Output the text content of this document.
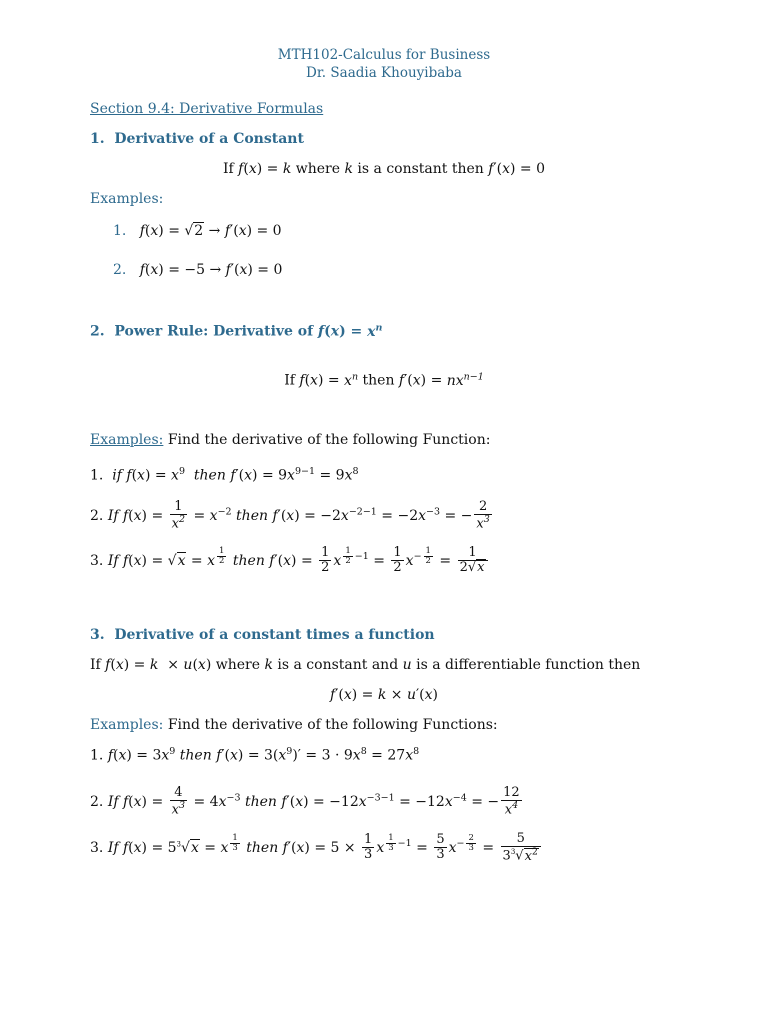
MTH102-Calculus for Business
Dr. Saadia Khouyibaba
Section 9.4: Derivative Formulas
1. Derivative of a Constant
If f(x) = k where k is a constant then f′(x) = 0
Examples:
1. f(x) = √2 → f′(x) = 0
2. f(x) = −5 → f′(x) = 0
2. Power Rule: Derivative of $f(x) = x^n$
If $f(x) = x^n$ then $f'(x) = nx^{n-1}$
Examples: Find the derivative of the following Function:
1. if $f(x) = x^9$ then $f'(x) = 9x^{9-1} = 9x^8$
2. If $f(x) = \frac{1}{x^2} = x^{-2}$ then $f'(x) = -2x^{-2-1} = -2x^{-3}$ = − $\frac{2}{x^3}$
3. If f(x) = √x = x $^{\frac{1}{2}}$ then $f'(x) = \frac{1}{2}$ x $^{\frac{1}{2} -1} = \frac{1}{2} x^{- \frac{1}{2}} = \frac{1}{2√x}$
3. Derivative of a constant times a function
If f(x) = k  × u(x) where k is a constant and u is a differentiable function then
f′(x) = k × u′(x)
Examples: Find the derivative of the following Functions:
1. $f(x) = 3x^9$ then $f'(x) = 3(x^9)' = 3 \cdot 9x^8 = 27x^8$
2. If $f(x) = \frac{4}{x^3} = 4x^{-3}$ then $f'(x) = -12x^{-3-1} = -12x^{-4}$ = − $\frac{12}{x^4}$
3. If $f(x) = 5^3√x = x$ $^{\frac{1}{3}}$ then $f'(x) = 5 \times \frac{1}{3}$ x $^{\frac{1}{3} -1} = \frac{5}{3} x^{- \frac{2}{3}} = \frac{5}{3^3√x^2}$
